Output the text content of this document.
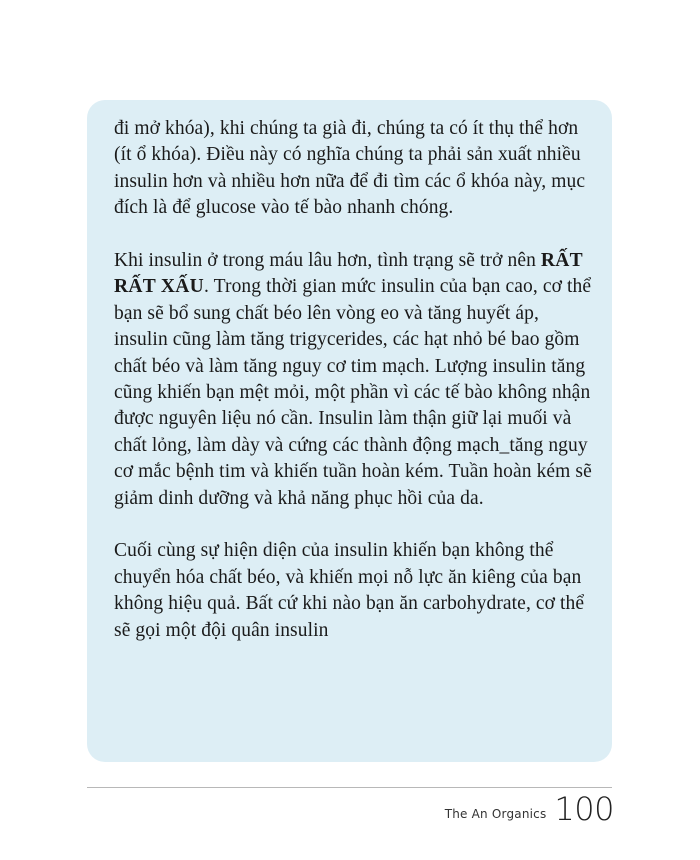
đi mở khóa), khi chúng ta già đi, chúng ta có ít thụ thể hơn (ít ổ khóa). Điều này có nghĩa chúng ta phải sản xuất nhiều insulin hơn và nhiều hơn nữa để đi tìm các ổ khóa này, mục đích là để glucose vào tế bào nhanh chóng.

Khi insulin ở trong máu lâu hơn, tình trạng sẽ trở nên RẤT RẤT XẤU. Trong thời gian mức insulin của bạn cao, cơ thể bạn sẽ bổ sung chất béo lên vòng eo và tăng huyết áp, insulin cũng làm tăng trigycerides, các hạt nhỏ bé bao gồm chất béo và làm tăng nguy cơ tim mạch. Lượng insulin tăng cũng khiến bạn mệt mỏi, một phần vì các tế bào không nhận được nguyên liệu nó cần. Insulin làm thận giữ lại muối và chất lỏng, làm dày và cứng các thành động mạch_tăng nguy cơ mắc bệnh tim và khiến tuần hoàn kém. Tuần hoàn kém sẽ giảm dinh dưỡng và khả năng phục hồi của da.

Cuối cùng sự hiện diện của insulin khiến bạn không thể chuyển hóa chất béo, và khiến mọi nỗ lực ăn kiêng của bạn không hiệu quả. Bất cứ khi nào bạn ăn carbohydrate, cơ thể sẽ gọi một đội quân insulin

The An Organics 100
